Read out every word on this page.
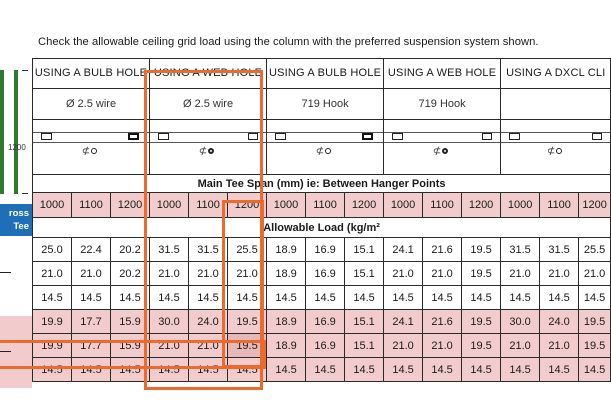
Check the allowable ceiling grid load using the column with the preferred suspension system shown.
1200
ross
Tee
USING A BULB HOLE			USING A WEB HOLE			USING A BULB HOLE			USING A WEB HOLE			USING A DXCL CLI		
Ø 2.5 wire			Ø 2.5 wire			719 Hook			719 Hook					

⊄			⊄			⊄			⊄			⊄		

Main Tee Span (mm) ie: Between Hanger Points														
1000	1100	1200	1000	1100	1200	1000	1100	1200	1000	1100	1200	1000	1100	1200
Allowable Load (kg/m²														
25.0	22.4	20.2	31.5	31.5	25.5	18.9	16.9	15.1	24.1	21.6	19.5	31.5	31.5	25.5
21.0	21.0	20.2	21.0	21.0	21.0	18.9	16.9	15.1	21.0	21.0	19.5	21.0	21.0	21.0
14.5	14.5	14.5	14.5	14.5	14.5	14.5	14.5	14.5	14.5	14.5	14.5	14.5	14.5	14.5
19.9	17.7	15.9	30.0	24.0	19.5	18.9	16.9	15.1	24.1	21.6	19.5	30.0	24.0	19.5
19.9	17.7	15.9	21.0	21.0	19.5	18.9	16.9	15.1	21.0	21.0	19.5	21.0	21.0	19.5
14.5	14.5	14.5	14.5	14.5	14.5	14.5	14.5	14.5	14.5	14.5	14.5	14.5	14.5	14.5
